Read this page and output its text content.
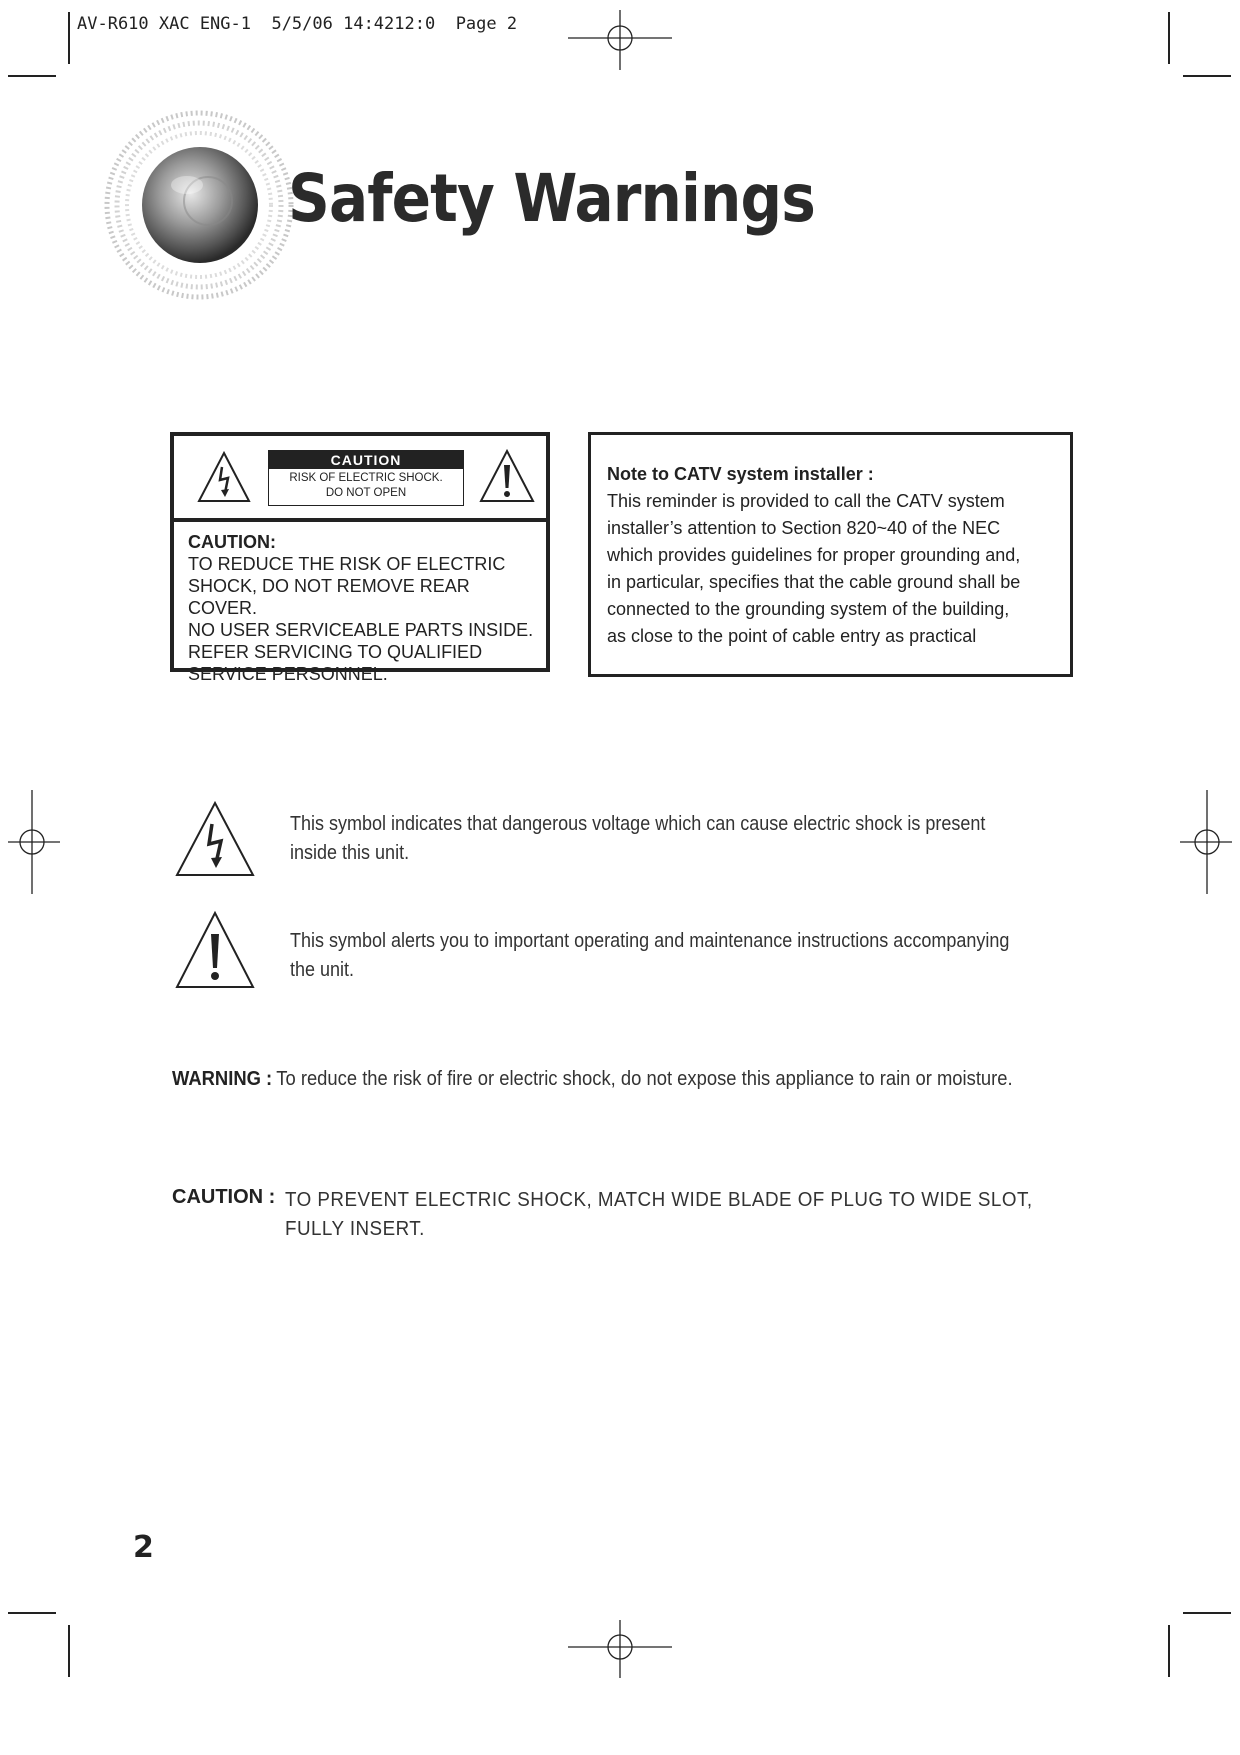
AV-R610 XAC ENG-1  5/5/06 14:4212:0  Page 2
Safety Warnings
CAUTION
RISK OF ELECTRIC SHOCK.
DO NOT OPEN
CAUTION:
TO REDUCE THE RISK OF ELECTRIC
SHOCK, DO NOT REMOVE REAR COVER.
NO USER SERVICEABLE PARTS INSIDE.
REFER SERVICING TO QUALIFIED
SERVICE PERSONNEL.
Note to CATV system installer :
This reminder is provided to call the CATV system
installer’s attention to Section 820~40 of the NEC
which provides guidelines for proper grounding and,
in particular, specifies that the cable ground shall be
connected to the grounding system of the building,
as close to the point of cable entry as practical
This symbol indicates that dangerous voltage which can cause electric shock is present inside this unit.
This symbol alerts you to important operating and maintenance instructions accompanying the unit.
WARNING : To reduce the risk of fire or electric shock, do not expose this appliance to rain or moisture.
CAUTION : TO PREVENT ELECTRIC SHOCK, MATCH WIDE BLADE OF PLUG TO WIDE SLOT, FULLY INSERT.
2
